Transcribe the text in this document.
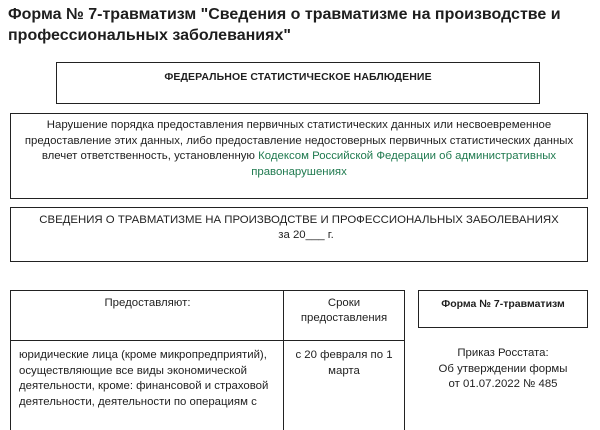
Форма № 7-травматизм "Сведения о травматизме на производстве и профессиональных заболеваниях"
ФЕДЕРАЛЬНОЕ СТАТИСТИЧЕСКОЕ НАБЛЮДЕНИЕ
Нарушение порядка предоставления первичных статистических данных или несвоевременное предоставление этих данных, либо предоставление недостоверных первичных статистических данных влечет ответственность, установленную Кодексом Российской Федерации об административных правонарушениях
СВЕДЕНИЯ О ТРАВМАТИЗМЕ НА ПРОИЗВОДСТВЕ И ПРОФЕССИОНАЛЬНЫХ ЗАБОЛЕВАНИЯХ
за 20___ г.
Предоставляют:	Сроки предоставления
юридические лица (кроме микропредприятий), осуществляющие все виды экономической деятельности, кроме: финансовой и страховой деятельности, деятельности по операциям с
с 20 февраля по 1 марта
Форма № 7-травматизм
Приказ Росстата:
Об утверждении формы
от 01.07.2022 № 485
